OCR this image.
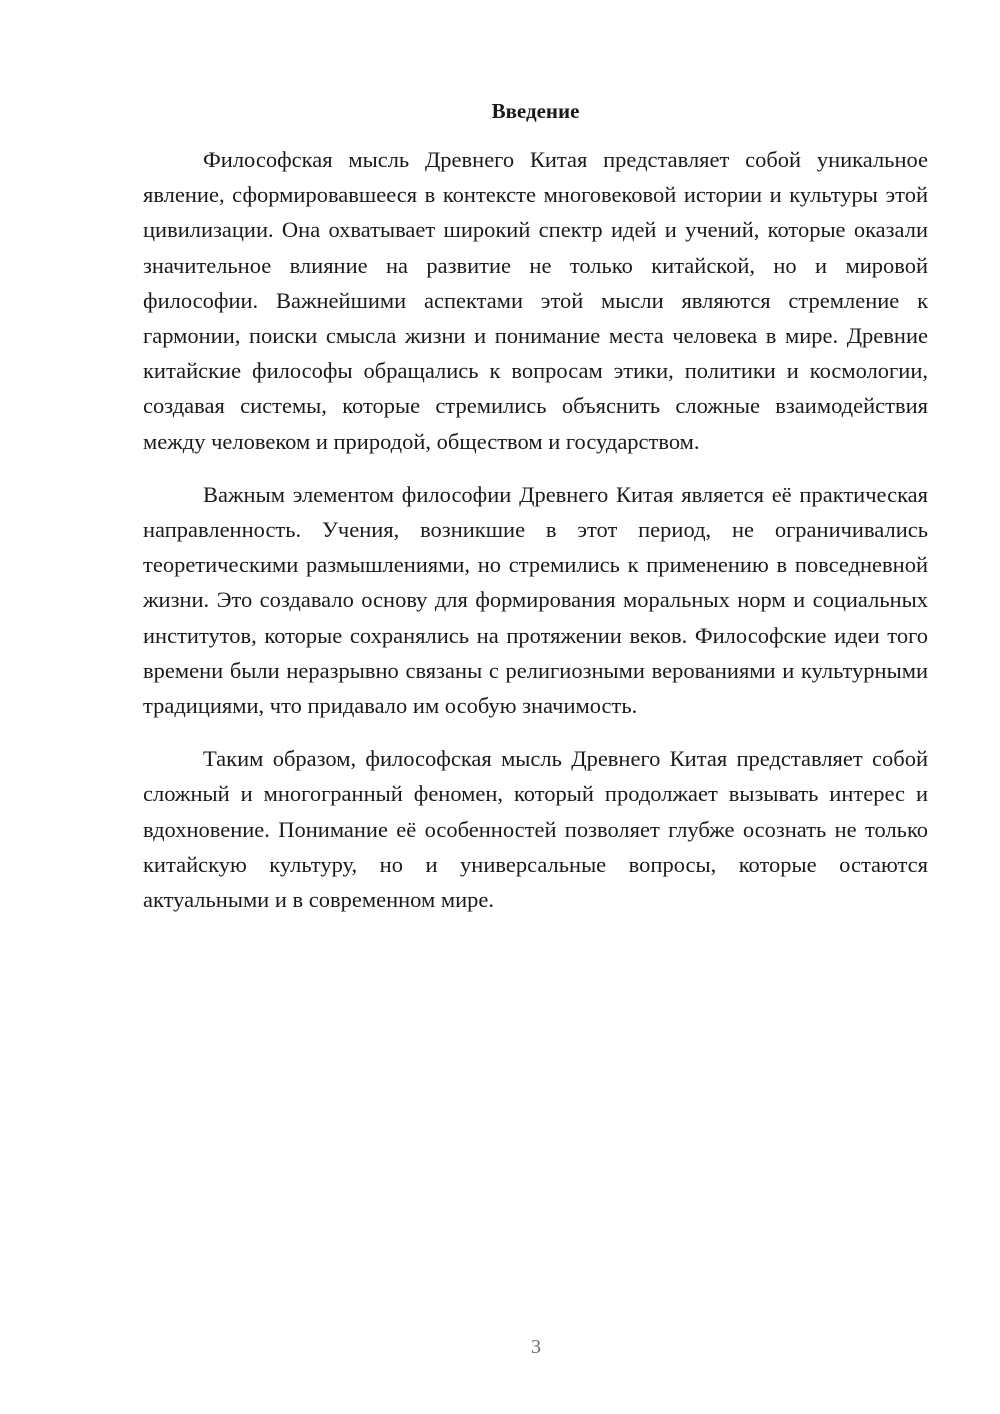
Введение

Философская мысль Древнего Китая представляет собой уникальное явление, сформировавшееся в контексте многовековой истории и культуры этой цивилизации. Она охватывает широкий спектр идей и учений, которые оказали значительное влияние на развитие не только китайской, но и мировой философии. Важнейшими аспектами этой мысли являются стремление к гармонии, поиски смысла жизни и понимание места человека в мире. Древние китайские философы обращались к вопросам этики, политики и космологии, создавая системы, которые стремились объяснить сложные взаимодействия между человеком и природой, обществом и государством.

Важным элементом философии Древнего Китая является её практическая направленность. Учения, возникшие в этот период, не ограничивались теоретическими размышлениями, но стремились к применению в повседневной жизни. Это создавало основу для формирования моральных норм и социальных институтов, которые сохранялись на протяжении веков. Философские идеи того времени были неразрывно связаны с религиозными верованиями и культурными традициями, что придавало им особую значимость.

Таким образом, философская мысль Древнего Китая представляет собой сложный и многогранный феномен, который продолжает вызывать интерес и вдохновение. Понимание её особенностей позволяет глубже осознать не только китайскую культуру, но и универсальные вопросы, которые остаются актуальными и в современном мире.

3
